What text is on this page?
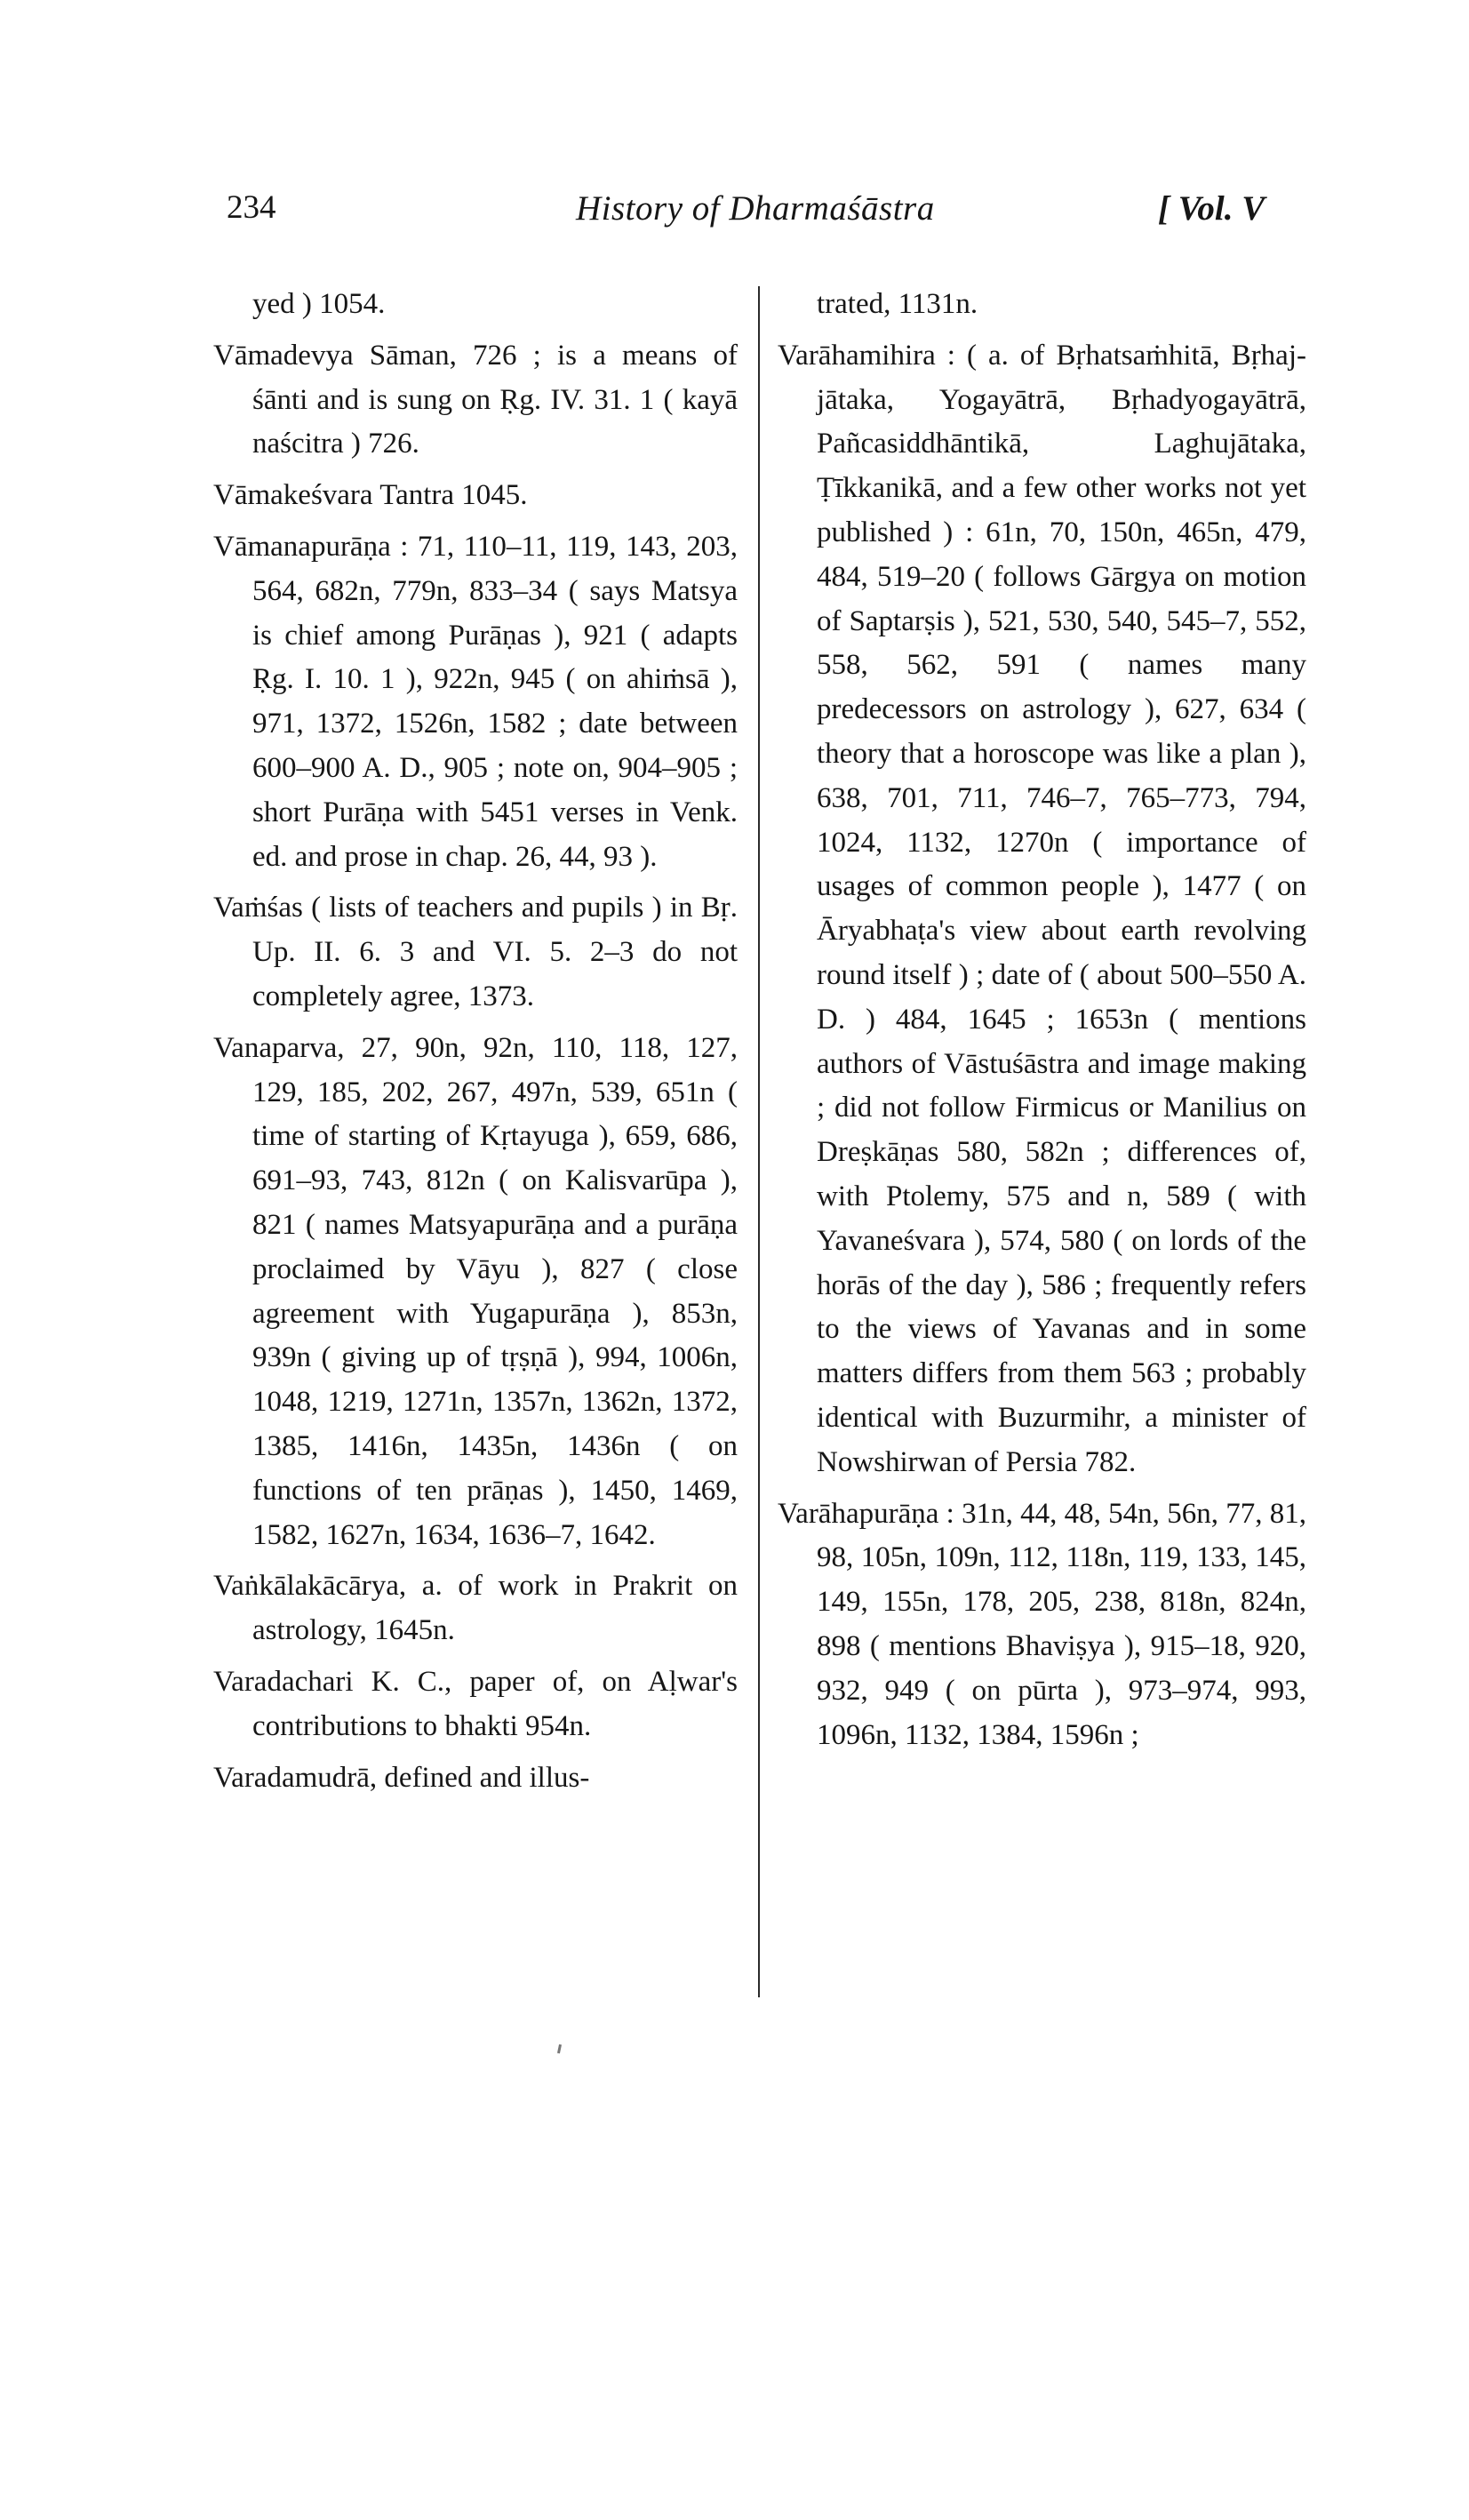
234	History of Dharmaśāstra	[ Vol. V
yed ) 1054.
Vāmadevya Sāman, 726 ; is a means of śānti and is sung on Ṛg. IV. 31. 1 ( kayā naścitra ) 726.
Vāmakeśvara Tantra 1045.
Vāmanapurāṇa : 71, 110–11, 119, 143, 203, 564, 682n, 779n, 833–34 ( says Matsya is chief among Purāṇas ), 921 ( adapts Ṛg. I. 10. 1 ), 922n, 945 ( on ahiṁsā ), 971, 1372, 1526n, 1582 ; date between 600–900 A. D., 905 ; note on, 904–905 ; short Purāṇa with 5451 verses in Venk. ed. and prose in chap. 26, 44, 93 ).
Vaṁśas ( lists of teachers and pupils ) in Bṛ. Up. II. 6. 3 and VI. 5. 2–3 do not completely agree, 1373.
Vanaparva, 27, 90n, 92n, 110, 118, 127, 129, 185, 202, 267, 497n, 539, 651n ( time of starting of Kṛtayuga ), 659, 686, 691–93, 743, 812n ( on Kalisvarūpa ), 821 ( names Matsyapurāṇa and a purāṇa proclaimed by Vāyu ), 827 ( close agreement with Yugapurāṇa ), 853n, 939n ( giving up of tṛṣṇā ), 994, 1006n, 1048, 1219, 1271n, 1357n, 1362n, 1372, 1385, 1416n, 1435n, 1436n ( on functions of ten prāṇas ), 1450, 1469, 1582, 1627n, 1634, 1636–7, 1642.
Vaṅkālakācārya, a. of work in Prakrit on astrology, 1645n.
Varadachari K. C., paper of, on Aḷwar's contributions to bhakti 954n.
Varadamudrā, defined and illus-
trated, 1131n.
Varāhamihira : ( a. of Bṛhatsaṁhitā, Bṛhaj-jātaka, Yogayātrā, Bṛhadyogayātrā, Pañcasiddhāntikā, Laghujātaka, Ṭīkkanikā, and a few other works not yet published ) : 61n, 70, 150n, 465n, 479, 484, 519–20 ( follows Gārgya on motion of Saptarṣis ), 521, 530, 540, 545–7, 552, 558, 562, 591 ( names many predecessors on astrology ), 627, 634 ( theory that a horoscope was like a plan ), 638, 701, 711, 746–7, 765–773, 794, 1024, 1132, 1270n ( importance of usages of common people ), 1477 ( on Āryabhaṭa's view about earth revolving round itself ) ; date of ( about 500–550 A. D. ) 484, 1645 ; 1653n ( mentions authors of Vāstuśāstra and image making ; did not follow Firmicus or Manilius on Dreṣkāṇas 580, 582n ; differences of, with Ptolemy, 575 and n, 589 ( with Yavaneśvara ), 574, 580 ( on lords of the horās of the day ), 586 ; frequently refers to the views of Yavanas and in some matters differs from them 563 ; probably identical with Buzurmihr, a minister of Nowshirwan of Persia 782.
Varāhapurāṇa : 31n, 44, 48, 54n, 56n, 77, 81, 98, 105n, 109n, 112, 118n, 119, 133, 145, 149, 155n, 178, 205, 238, 818n, 824n, 898 ( mentions Bhaviṣya ), 915–18, 920, 932, 949 ( on pūrta ), 973–974, 993, 1096n, 1132, 1384, 1596n ;
